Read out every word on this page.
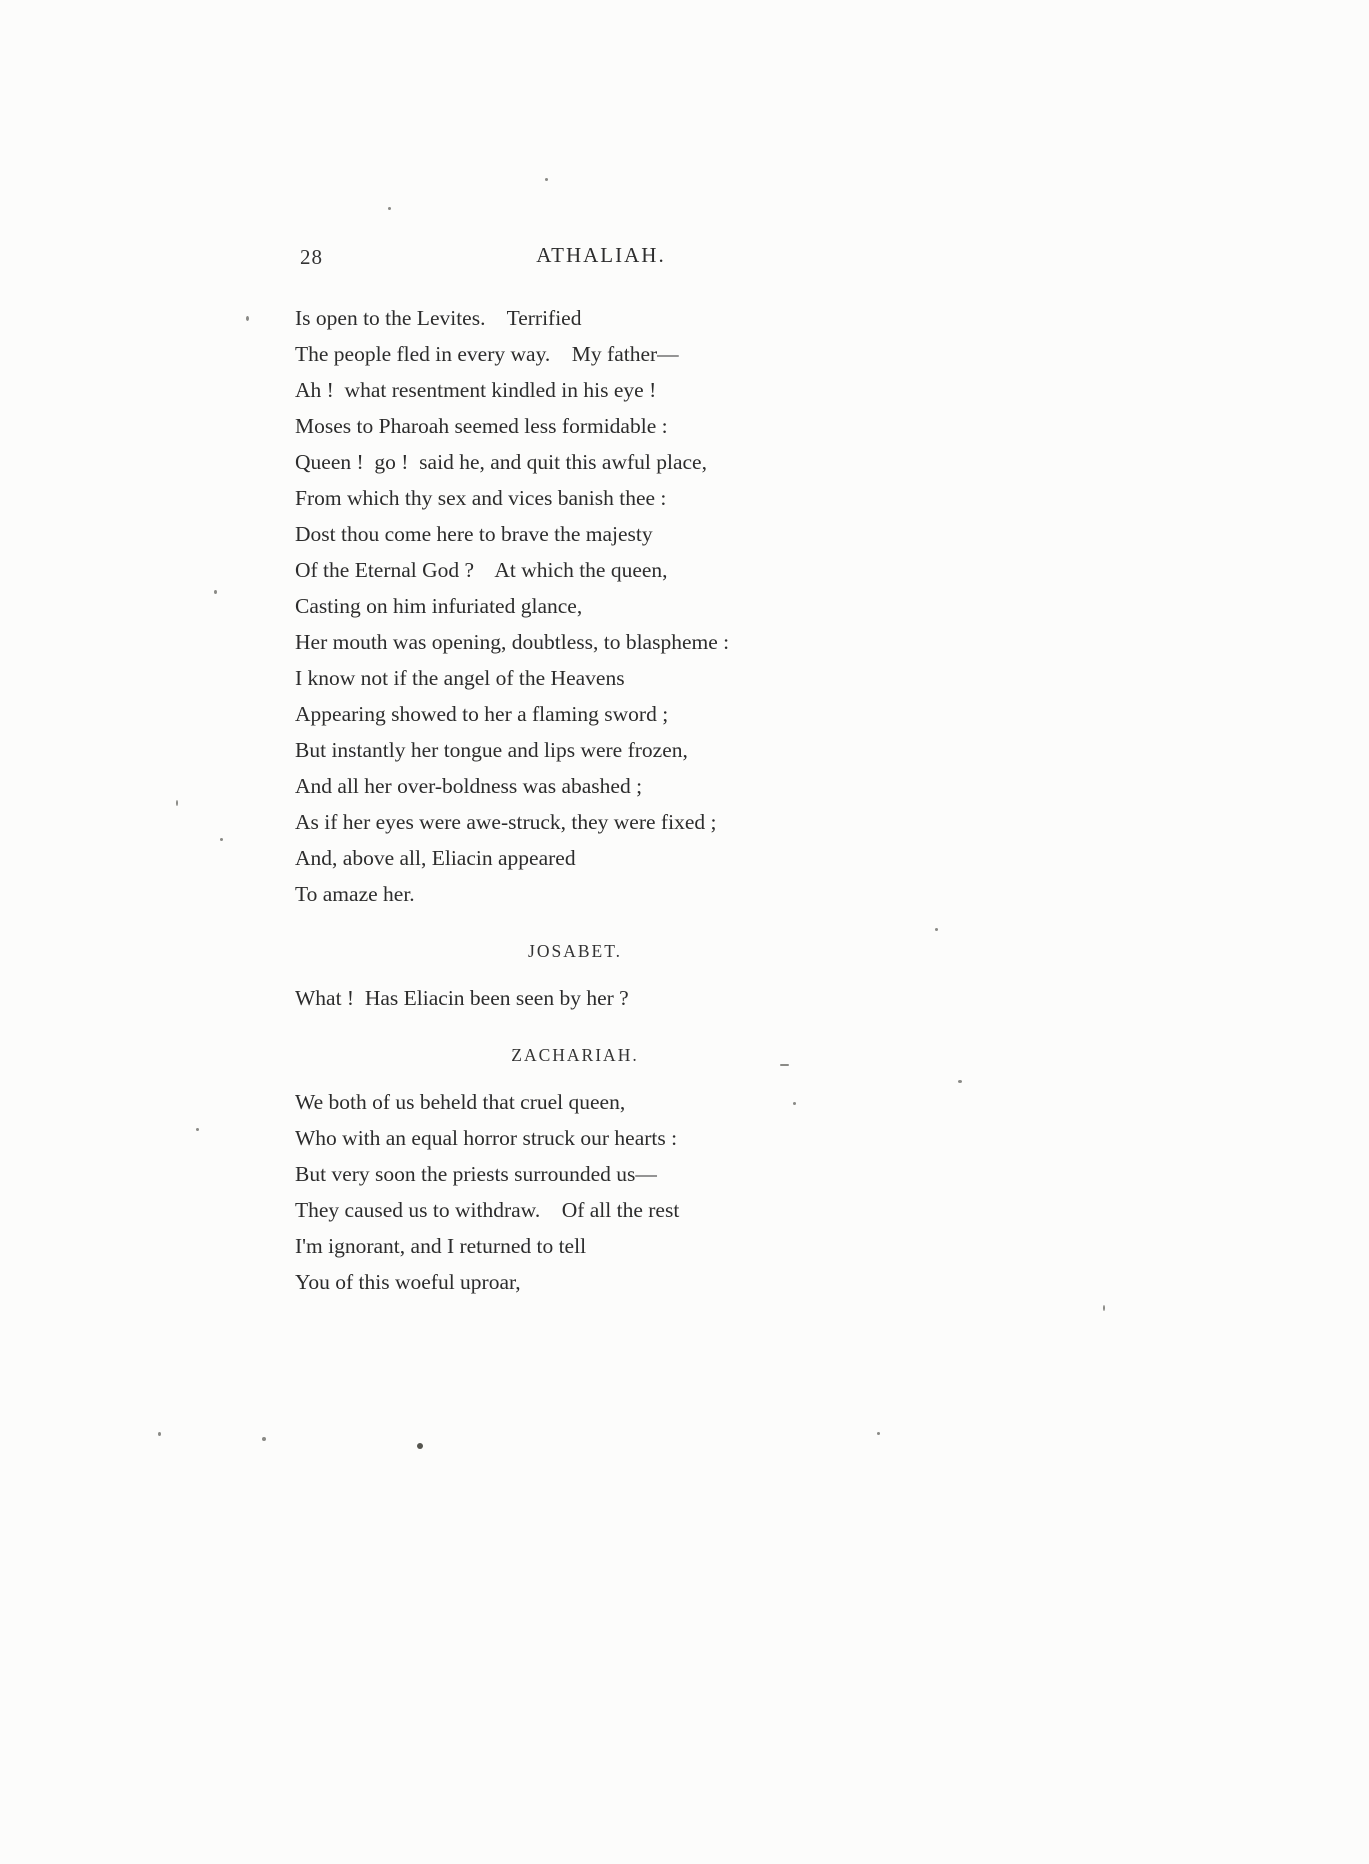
28	ATHALIAH.
Is open to the Levites.    Terrified
The people fled in every way.    My father—
Ah !  what resentment kindled in his eye !
Moses to Pharoah seemed less formidable :
Queen !  go !  said he, and quit this awful place,
From which thy sex and vices banish thee :
Dost thou come here to brave the majesty
Of the Eternal God ?    At which the queen,
Casting on him infuriated glance,
Her mouth was opening, doubtless, to blaspheme :
I know not if the angel of the Heavens
Appearing showed to her a flaming sword ;
But instantly her tongue and lips were frozen,
And all her over-boldness was abashed ;
As if her eyes were awe-struck, they were fixed ;
And, above all, Eliacin appeared
To amaze her.
JOSABET.
What !  Has Eliacin been seen by her ?
ZACHARIAH.
We both of us beheld that cruel queen,
Who with an equal horror struck our hearts :
But very soon the priests surrounded us—
They caused us to withdraw.    Of all the rest
I'm ignorant, and I returned to tell
You of this woeful uproar,
